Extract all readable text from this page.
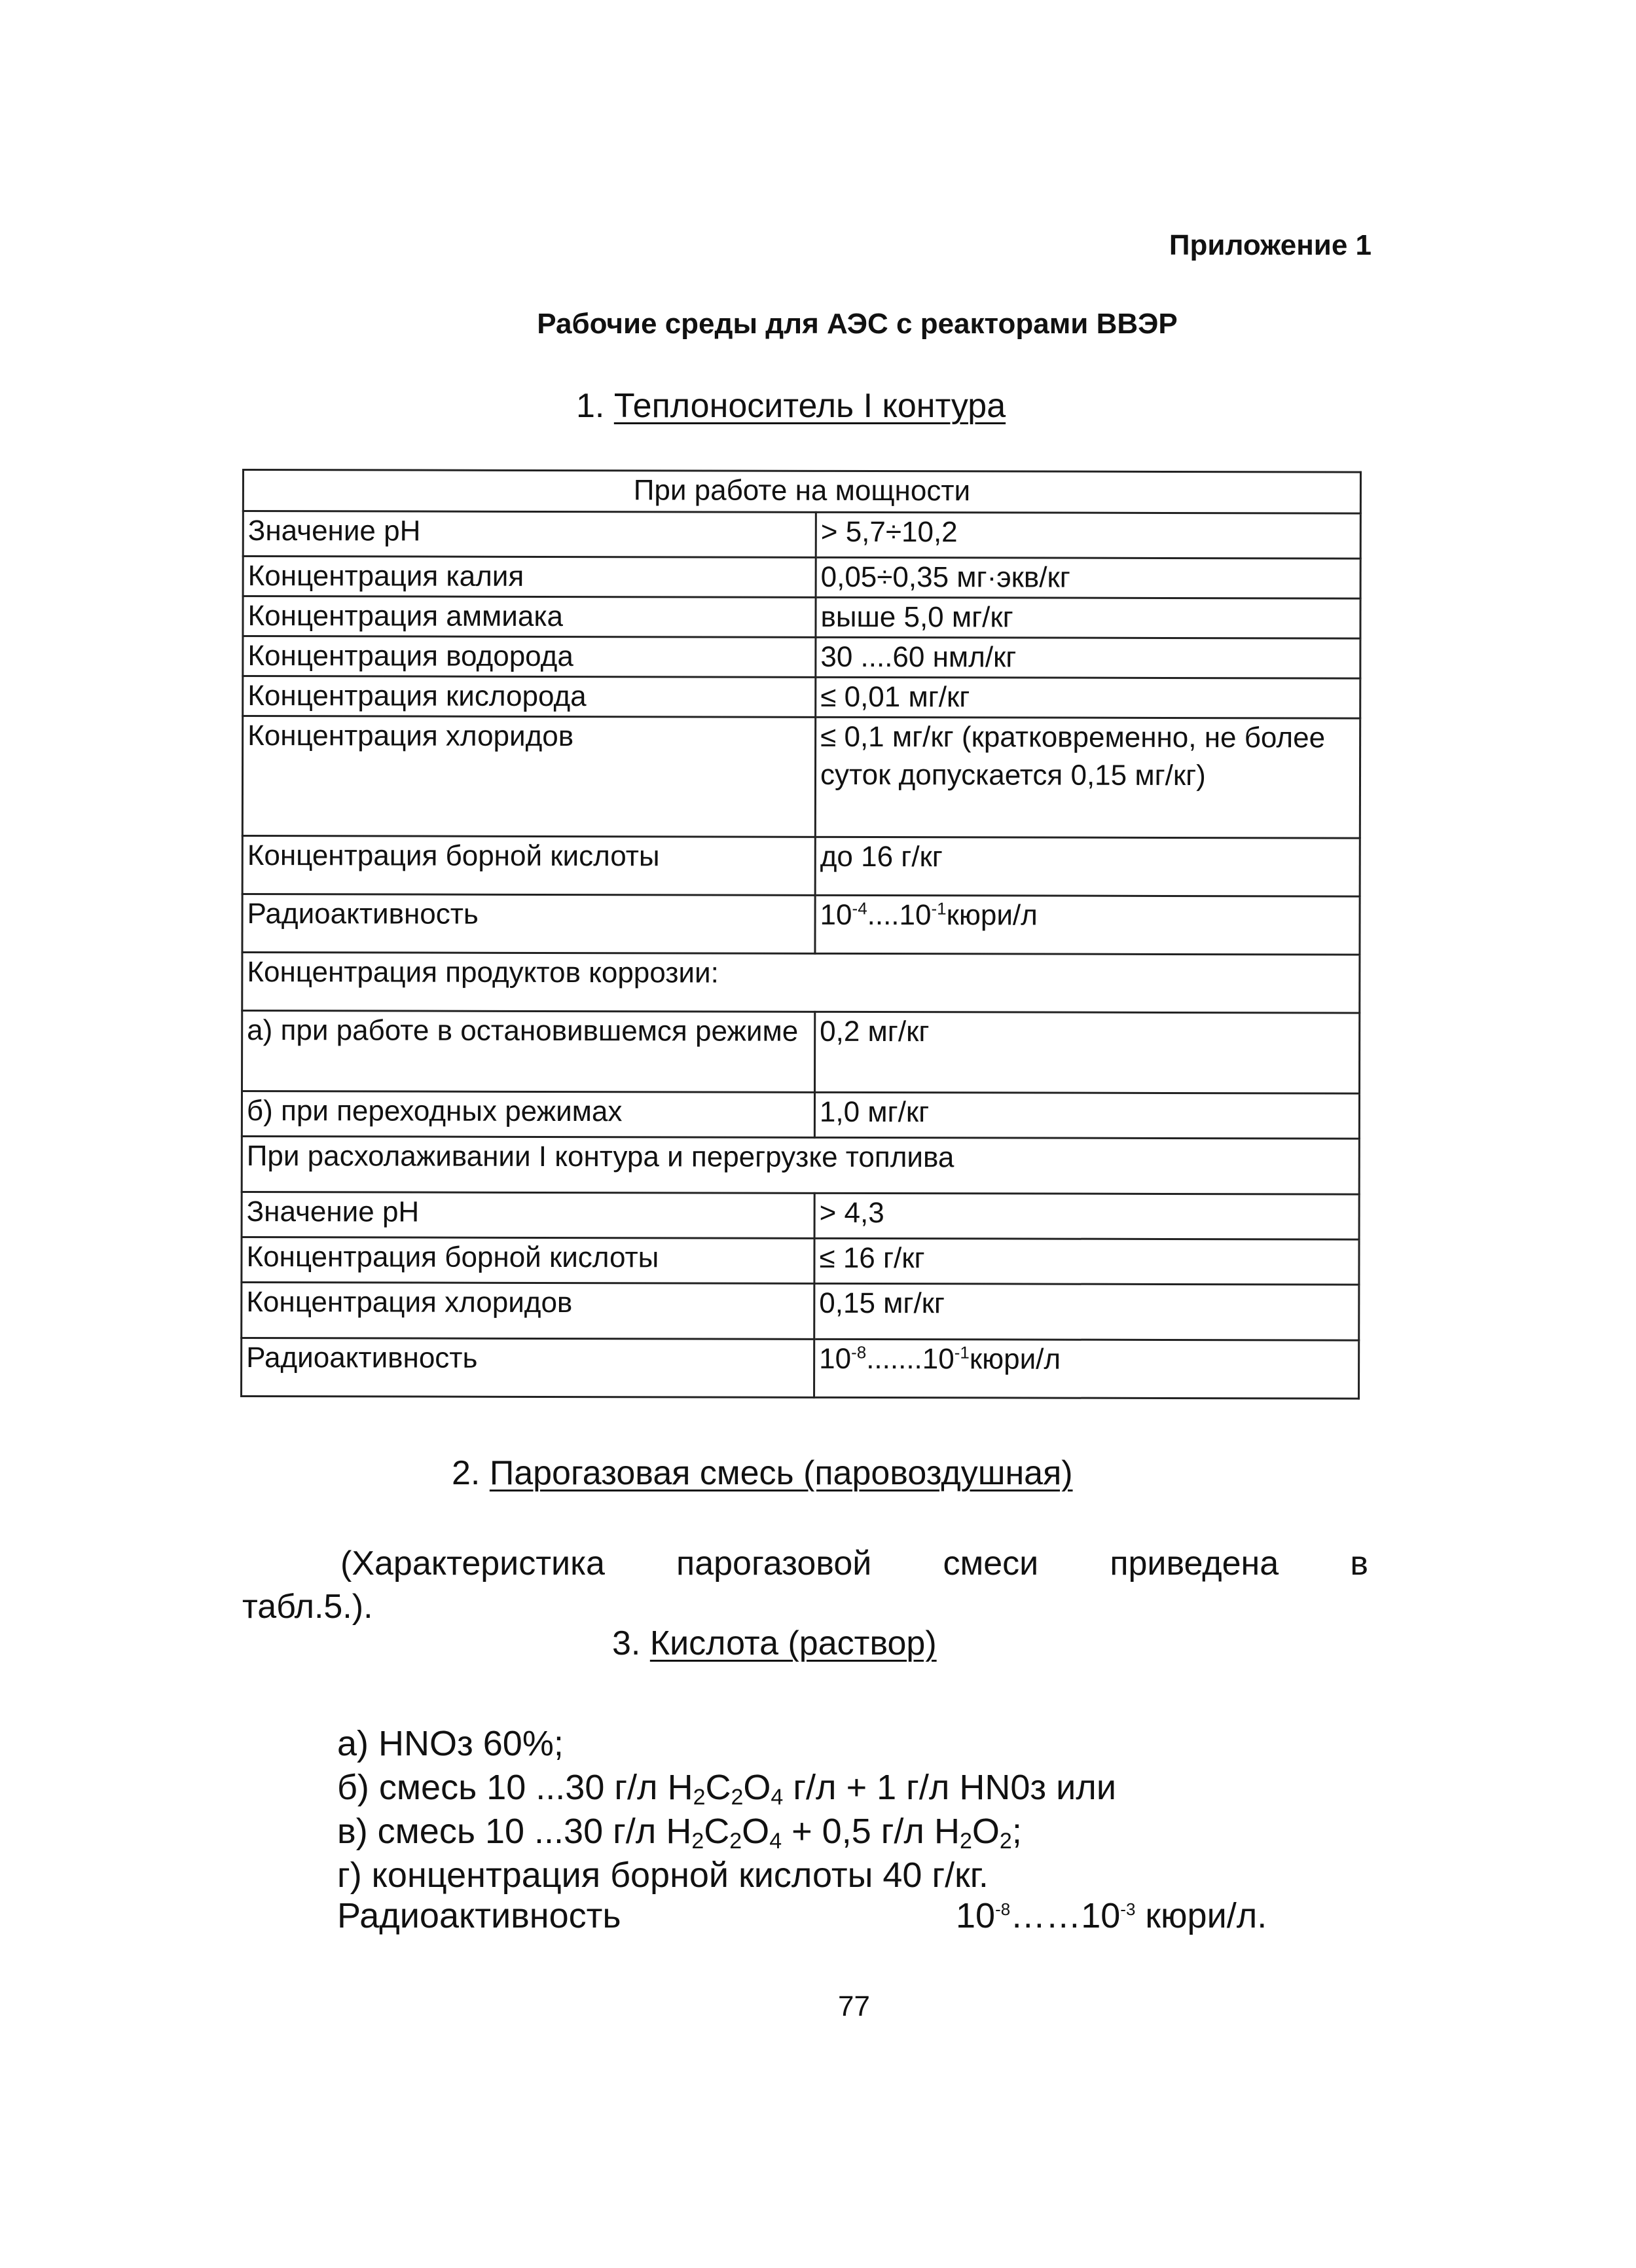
Приложение 1
Рабочие среды для АЭС с реакторами ВВЭР
1. Теплоноситель I контура
При работе на мощности	
Значение pH	> 5,7÷10,2
Концентрация калия	0,05÷0,35 мг·экв/кг
Концентрация аммиака	выше 5,0 мг/кг
Концентрация водорода	30 ....60 нмл/кг
Концентрация кислорода	≤ 0,01 мг/кг
Концентрация хлоридов	≤ 0,1 мг/кг (кратковременно, не более суток допускается 0,15 мг/кг)
Концентрация борной кислоты	до 16 г/кг
Радиоактивность	$10^{-4}....10^{-1}кюри/л$
Концентрация продуктов коррозии:	
а) при работе в остановившемся режиме	0,2 мг/кг
б) при переходных режимах	1,0 мг/кг
При расхолаживании I контура и перегрузке топлива	
Значение pH	> 4,3
Концентрация борной кислоты	≤ 16 г/кг
Концентрация хлоридов	0,15 мг/кг
Радиоактивность	$10^{-8}.......10^{-1}кюри/л$
2. Парогазовая смесь (паровоздушная)
(Характеристика парогазовой смеси приведена в
табл.5.).
3. Кислота (раствор)
а) HNOз 60%;
б) смесь 10 ...30 г/л $H_2C_2O_4$ г/л + 1 г/л HN0з или
в) смесь 10 ...30 г/л $H_2C_2O_4 + 0,5$ г/л $H_2O_2$;
г) концентрация борной кислоты 40 г/кг.
Радиоактивность	$10^{-8}\dots\dots 10^{-3}$ кюри/л.
77
